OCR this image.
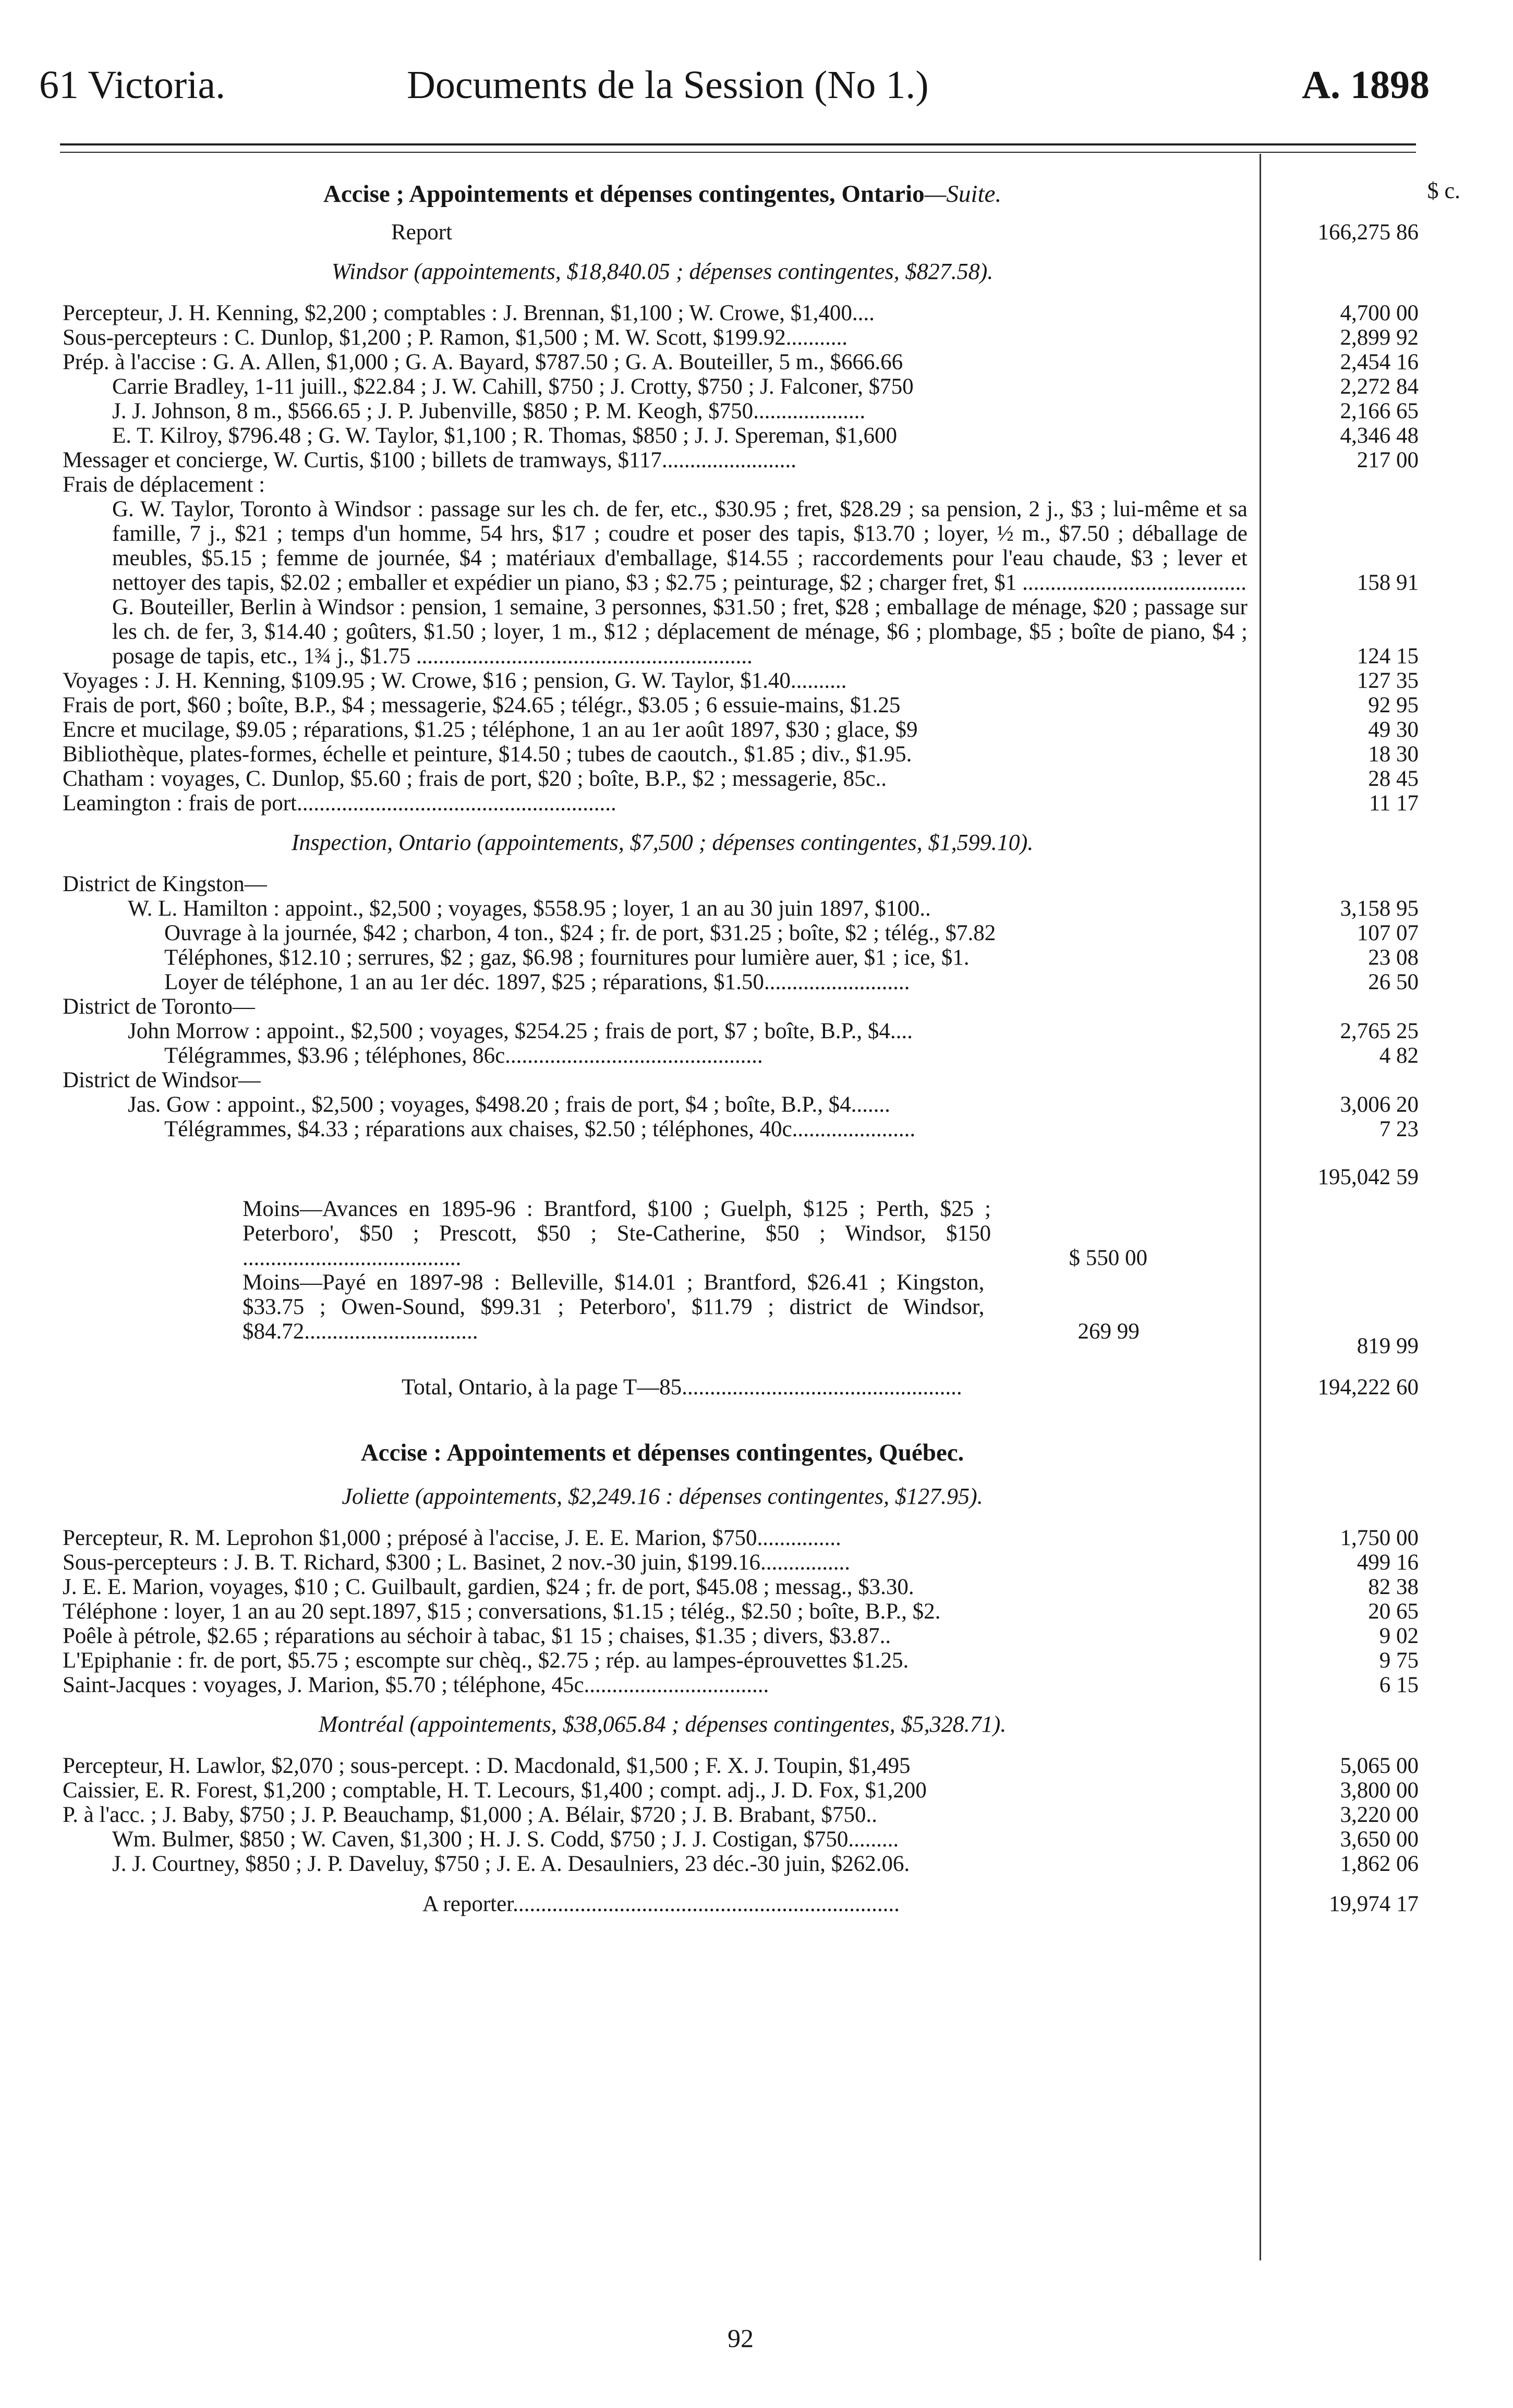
61 Victoria.	Documents de la Session (No 1.)	A. 1898
$ c.
Accise ; Appointements et dépenses contingentes, Ontario—Suite.
Report	166,275 86
Windsor (appointements, $18,840.05 ; dépenses contingentes, $827.58).
Percepteur, J. H. Kenning, $2,200 ; comptables : J. Brennan, $1,100 ; W. Crowe, $1,400....	4,700 00
Sous-percepteurs : C. Dunlop, $1,200 ; P. Ramon, $1,500 ; M. W. Scott, $199.92...........	2,899 92
Prép. à l'accise : G. A. Allen, $1,000 ; G. A. Bayard, $787.50 ; G. A. Bouteiller, 5 m., $666.66	2,454 16
Carrie Bradley, 1-11 juill., $22.84 ; J. W. Cahill, $750 ; J. Crotty, $750 ; J. Falconer, $750	2,272 84
J. J. Johnson, 8 m., $566.65 ; J. P. Jubenville, $850 ; P. M. Keogh, $750....................	2,166 65
E. T. Kilroy, $796.48 ; G. W. Taylor, $1,100 ; R. Thomas, $850 ; J. J. Spereman, $1,600	4,346 48
Messager et concierge, W. Curtis, $100 ; billets de tramways, $117........................	217 00
Frais de déplacement :
G. W. Taylor, Toronto à Windsor : passage sur les ch. de fer, etc., $30.95 ; fret, $28.29 ; sa pension, 2 j., $3 ; lui-même et sa famille, 7 j., $21 ; temps d'un homme, 54 hrs, $17 ; coudre et poser des tapis, $13.70 ; loyer, ½ m., $7.50 ; déballage de meubles, $5.15 ; femme de journée, $4 ; matériaux d'emballage, $14.55 ; raccordements pour l'eau chaude, $3 ; lever et nettoyer des tapis, $2.02 ; emballer et expédier un piano, $3 ; $2.75 ; peinturage, $2 ; charger fret, $1 ........................................	158 91
G. Bouteiller, Berlin à Windsor : pension, 1 semaine, 3 personnes, $31.50 ; fret, $28 ; emballage de ménage, $20 ; passage sur les ch. de fer, 3, $14.40 ; goûters, $1.50 ; loyer, 1 m., $12 ; déplacement de ménage, $6 ; plombage, $5 ; boîte de piano, $4 ; posage de tapis, etc., 1¾ j., $1.75 ............................................................	124 15
Voyages : J. H. Kenning, $109.95 ; W. Crowe, $16 ; pension, G. W. Taylor, $1.40..........	127 35
Frais de port, $60 ; boîte, B.P., $4 ; messagerie, $24.65 ; télégr., $3.05 ; 6 essuie-mains, $1.25	92 95
Encre et mucilage, $9.05 ; réparations, $1.25 ; téléphone, 1 an au 1er août 1897, $30 ; glace, $9	49 30
Bibliothèque, plates-formes, échelle et peinture, $14.50 ; tubes de caoutch., $1.85 ; div., $1.95.	18 30
Chatham : voyages, C. Dunlop, $5.60 ; frais de port, $20 ; boîte, B.P., $2 ; messagerie, 85c..	28 45
Leamington : frais de port.........................................................	11 17
Inspection, Ontario (appointements, $7,500 ; dépenses contingentes, $1,599.10).
District de Kingston—
W. L. Hamilton : appoint., $2,500 ; voyages, $558.95 ; loyer, 1 an au 30 juin 1897, $100..	3,158 95
Ouvrage à la journée, $42 ; charbon, 4 ton., $24 ; fr. de port, $31.25 ; boîte, $2 ; télég., $7.82	107 07
Téléphones, $12.10 ; serrures, $2 ; gaz, $6.98 ; fournitures pour lumière auer, $1 ; ice, $1.	23 08
Loyer de téléphone, 1 an au 1er déc. 1897, $25 ; réparations, $1.50..........................	26 50
District de Toronto—
John Morrow : appoint., $2,500 ; voyages, $254.25 ; frais de port, $7 ; boîte, B.P., $4....	2,765 25
Télégrammes, $3.96 ; téléphones, 86c..............................................	4 82
District de Windsor—
Jas. Gow : appoint., $2,500 ; voyages, $498.20 ; frais de port, $4 ; boîte, B.P., $4.......	3,006 20
Télégrammes, $4.33 ; réparations aux chaises, $2.50 ; téléphones, 40c......................	7 23
195,042 59
Moins—Avances en 1895-96 : Brantford, $100 ; Guelph, $125 ; Perth, $25 ; Peterboro', $50 ; Prescott, $50 ; Ste-Catherine, $50 ; Windsor, $150 .......................................	$ 550 00
Moins—Payé en 1897-98 : Belleville, $14.01 ; Brantford, $26.41 ; Kingston, $33.75 ; Owen-Sound, $99.31 ; Peterboro', $11.79 ; district de Windsor, $84.72...............................	269 99
819 99
Total, Ontario, à la page T—85..................................................	194,222 60
Accise : Appointements et dépenses contingentes, Québec.
Joliette (appointements, $2,249.16 : dépenses contingentes, $127.95).
Percepteur, R. M. Leprohon $1,000 ; préposé à l'accise, J. E. E. Marion, $750...............	1,750 00
Sous-percepteurs : J. B. T. Richard, $300 ; L. Basinet, 2 nov.-30 juin, $199.16................	499 16
J. E. E. Marion, voyages, $10 ; C. Guilbault, gardien, $24 ; fr. de port, $45.08 ; messag., $3.30.	82 38
Téléphone : loyer, 1 an au 20 sept.1897, $15 ; conversations, $1.15 ; télég., $2.50 ; boîte, B.P., $2.	20 65
Poêle à pétrole, $2.65 ; réparations au séchoir à tabac, $1 15 ; chaises, $1.35 ; divers, $3.87..	9 02
L'Epiphanie : fr. de port, $5.75 ; escompte sur chèq., $2.75 ; rép. au lampes-éprouvettes $1.25.	9 75
Saint-Jacques : voyages, J. Marion, $5.70 ; téléphone, 45c.................................	6 15
Montréal (appointements, $38,065.84 ; dépenses contingentes, $5,328.71).
Percepteur, H. Lawlor, $2,070 ; sous-percept. : D. Macdonald, $1,500 ; F. X. J. Toupin, $1,495	5,065 00
Caissier, E. R. Forest, $1,200 ; comptable, H. T. Lecours, $1,400 ; compt. adj., J. D. Fox, $1,200	3,800 00
P. à l'acc. ; J. Baby, $750 ; J. P. Beauchamp, $1,000 ; A. Bélair, $720 ; J. B. Brabant, $750..	3,220 00
Wm. Bulmer, $850 ; W. Caven, $1,300 ; H. J. S. Codd, $750 ; J. J. Costigan, $750.........	3,650 00
J. J. Courtney, $850 ; J. P. Daveluy, $750 ; J. E. A. Desaulniers, 23 déc.-30 juin, $262.06.	1,862 06
A reporter.....................................................................	19,974 17
92
